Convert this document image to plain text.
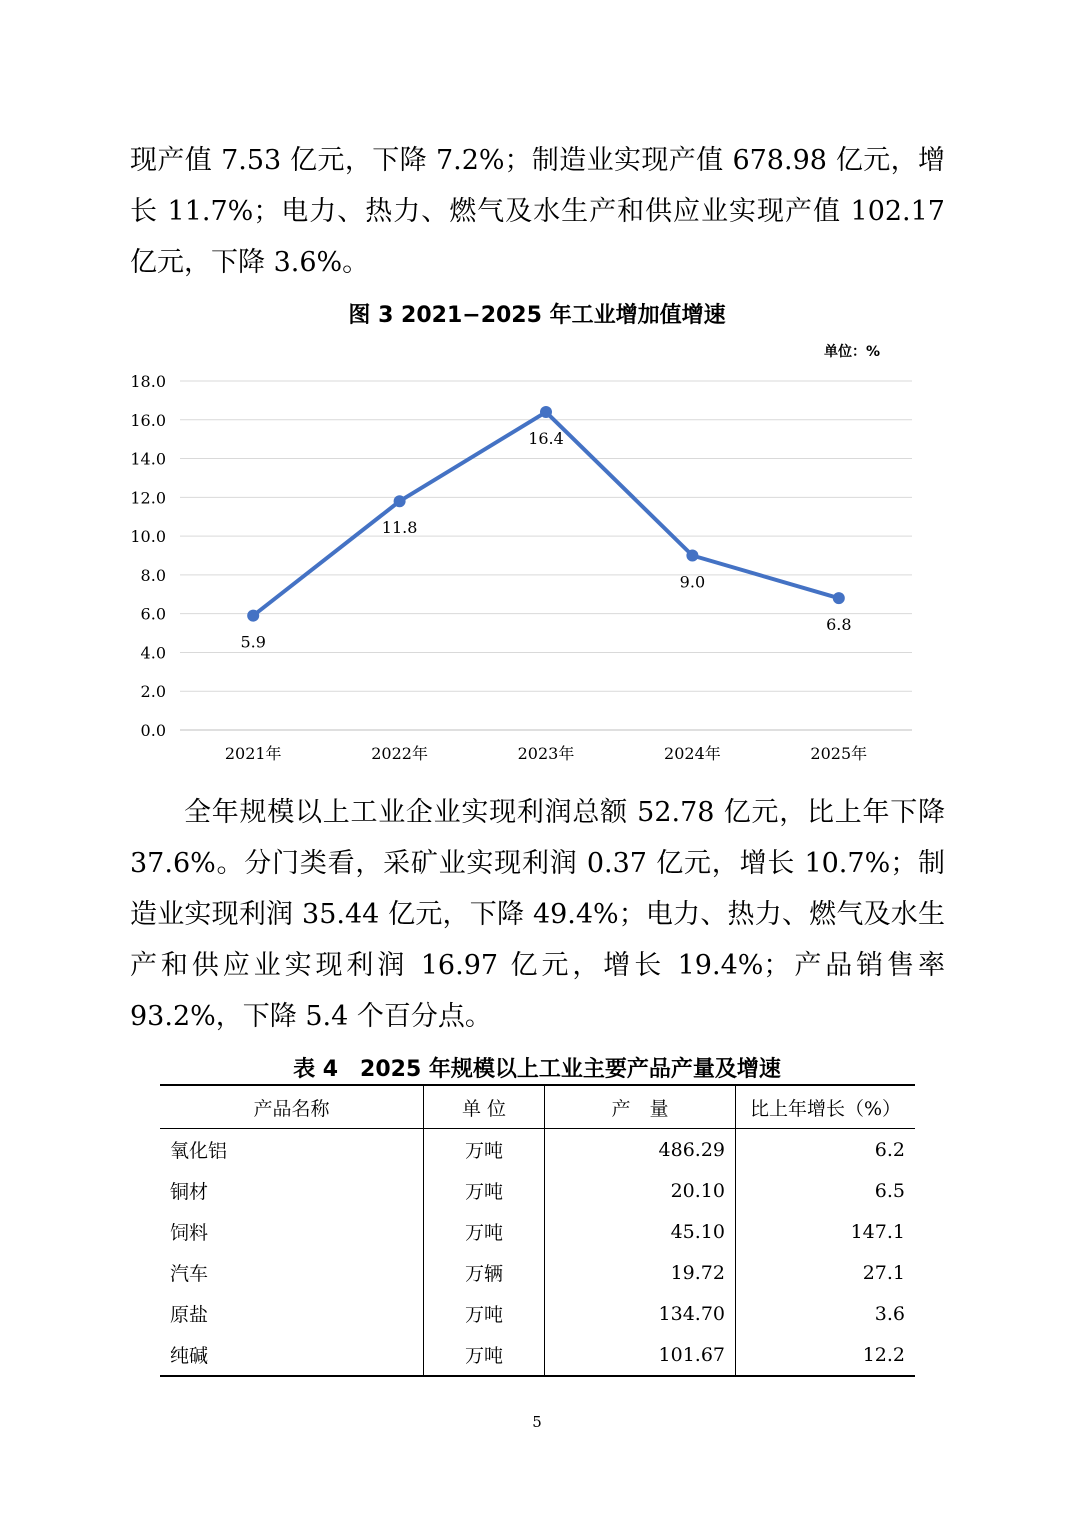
现产值 7.53 亿元，下降 7.2%；制造业实现产值 678.98 亿元，增长 11.7%；电力、热力、燃气及水生产和供应业实现产值 102.17 亿元，下降 3.6%。

图 3 2021−2025 年工业增加值增速
单位：%
0.0
2.0
4.0
6.0
8.0
10.0
12.0
14.0
16.0
18.0
2021年	2022年	2023年	2024年	2025年
5.9
11.8
16.4
9.0
6.8

全年规模以上工业企业实现利润总额 52.78 亿元，比上年下降 37.6%。分门类看，采矿业实现利润 0.37 亿元，增长 10.7%；制造业实现利润 35.44 亿元，下降 49.4%；电力、热力、燃气及水生产和供应业实现利润 16.97 亿元，增长 19.4%；产品销售率 93.2%，下降 5.4 个百分点。

表 4　2025 年规模以上工业主要产品产量及增速
产品名称	单 位	产　量	比上年增长（%）
氧化铝	万吨	486.29	6.2
铜材	万吨	20.10	6.5
饲料	万吨	45.10	147.1
汽车	万辆	19.72	27.1
原盐	万吨	134.70	3.6
纯碱	万吨	101.67	12.2
5
